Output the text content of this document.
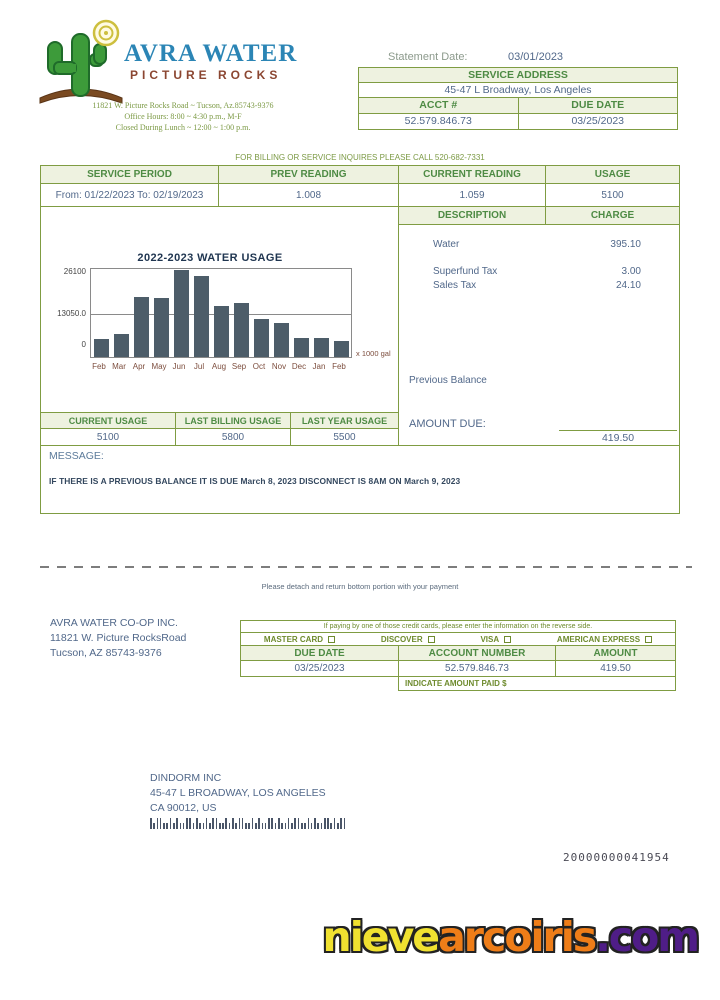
AVRA WATER
PICTURE ROCKS
11821 W. Picture Rocks Road ~ Tucson, Az.85743-9376
Office Hours: 8:00 ~ 4:30 p.m., M-F
Closed During Lunch ~ 12:00 ~ 1:00 p.m.
Statement Date:	03/01/2023
SERVICE ADDRESS
45-47 L Broadway, Los Angeles
ACCT #	DUE DATE
52.579.846.73	03/25/2023
FOR BILLING OR SERVICE INQUIRES PLEASE CALL 520-682-7331
SERVICE PERIOD	PREV READING	CURRENT READING	USAGE
From: 01/22/2023 To: 02/19/2023	1.008	1.059	5100
DESCRIPTION	CHARGE
Water	395.10
Superfund Tax	3.00
Sales Tax	24.10
Previous Balance
AMOUNT DUE:
419.50
CURRENT USAGE	LAST BILLING USAGE	LAST YEAR USAGE
5100	5800	5500
2022-2023 WATER USAGE
26100
13050.0
0
Feb Mar Apr May Jun	Jul Aug Sep Oct Nov Dec Jan Feb
x 1000 gal
MESSAGE:
IF THERE IS A PREVIOUS BALANCE IT IS DUE March 8, 2023 DISCONNECT IS 8AM ON March 9, 2023
Please detach and return bottom portion with your payment
AVRA WATER CO-OP INC.
11821 W. Picture RocksRoad
Tucson, AZ 85743-9376
If paying by one of those credit cards, please enter the information on the reverse side.
MASTER CARD	DISCOVER	VISA	AMERICAN EXPRESS
DUE DATE	ACCOUNT NUMBER	AMOUNT
03/25/2023	52.579.846.73	419.50
INDICATE AMOUNT PAID $
DINDORM INC
45-47 L BROADWAY, LOS ANGELES
CA 90012, US
20000000041954
nievearcoiris.com
